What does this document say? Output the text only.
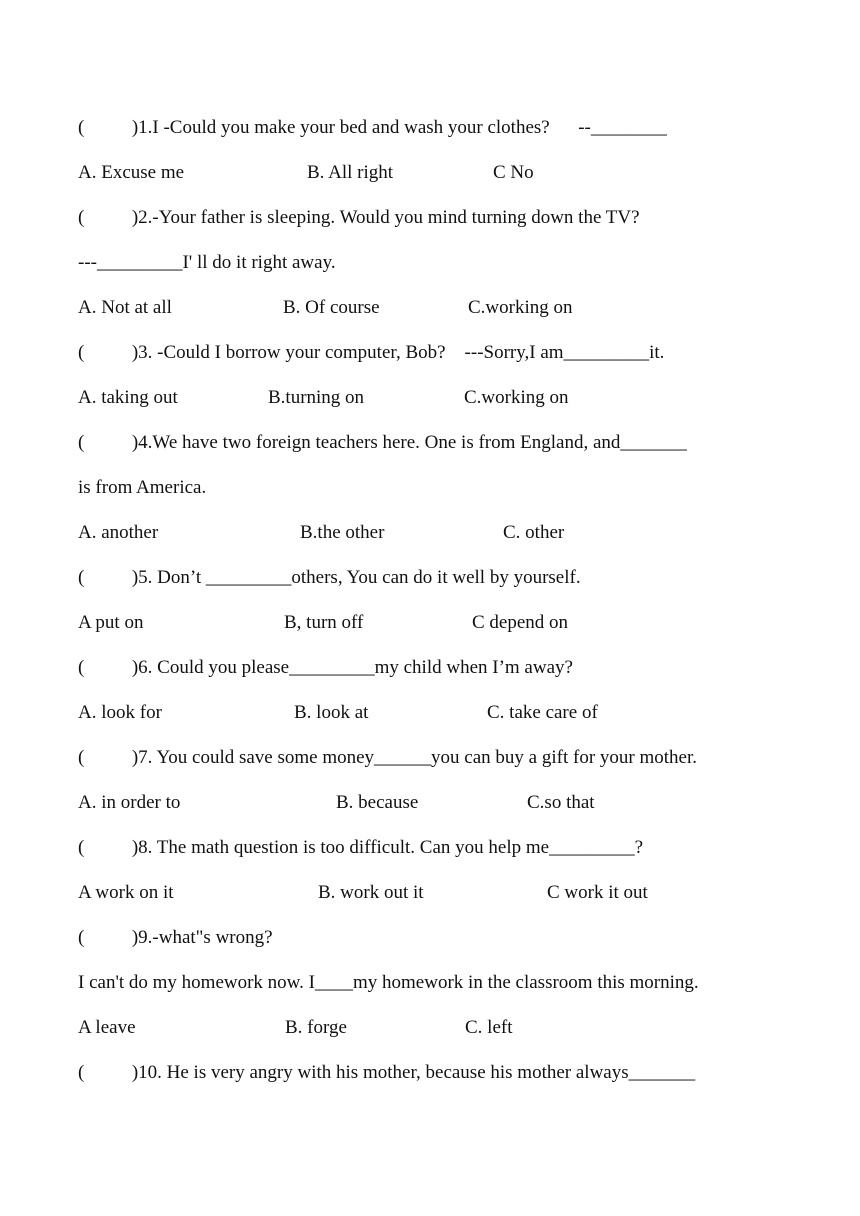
(          )1.I -Could you make your bed and wash your clothes?      --________
A. Excuse me	B. All right	C No
(          )2.-Your father is sleeping. Would you mind turning down the TV?
---_________I' ll do it right away.
A. Not at all	B. Of course	C.working on
(          )3. -Could I borrow your computer, Bob?    ---Sorry,I am_________it.
A. taking out	B.turning on	C.working on
(          )4.We have two foreign teachers here. One is from England, and_______
is from America.
A. another	B.the other	C. other
(          )5. Don’t _________others, You can do it well by yourself.
A put on	B, turn off	C depend on
(          )6. Could you please_________my child when I’m away?
A. look for	B. look at	C. take care of
(          )7. You could save some money______you can buy a gift for your mother.
A. in order to	B. because	C.so that
(          )8. The math question is too difficult. Can you help me_________?
A work on it	B. work out it	C work it out
(          )9.-what"s wrong?
I can't do my homework now. I____my homework in the classroom this morning.
A leave	B. forge	C. left
(          )10. He is very angry with his mother, because his mother always_______
